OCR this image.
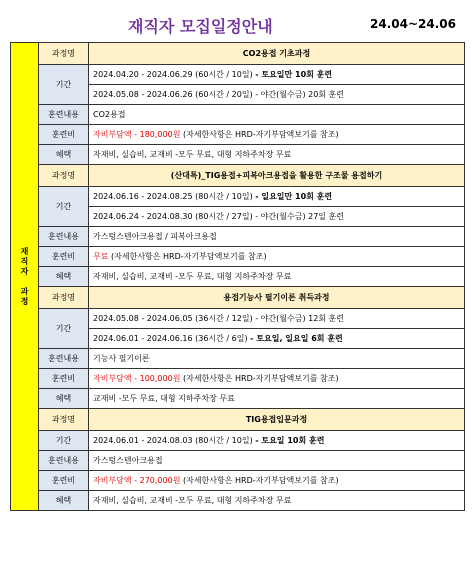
재직자 모집일정안내	24.04~24.06
재
직
자

과
정	과정명	CO2용접 기초과정
	기간	2024.04.20 - 2024.06.29 (60시간 / 10일) - 토요일만 10회 훈련
		2024.05.08 - 2024.06.26 (60시간 / 20일) - 야간(월수금) 20회 훈련
	훈련내용	CO2용접
	훈련비	자비부담액 - 180,000원 (자세한사항은 HRD-자기부담액보기를 참조)
	혜택	자재비, 실습비, 교재비 -모두 무료, 대형 지하주차장 무료
	과정명	(산대특)_TIG용접+피복아크용접을 활용한 구조물 용접하기
	기간	2024.06.16 - 2024.08.25 (80시간 / 10일) - 일요일만 10회 훈련
		2024.06.24 - 2024.08.30 (80시간 / 27일) - 야간(월수금) 27일 훈련
	훈련내용	가스텅스텐아크용접 / 피복아크용접
	훈련비	무료 (자세한사항은 HRD-자기부담액보기를 참조)
	혜택	자재비, 실습비, 교재비 -모두 무료, 대형 지하주차장 무료
	과정명	용접기능사 필기이론 취득과정
	기간	2024.05.08 - 2024.06.05 (36시간 / 12일) - 야간(월수금) 12회 훈련
		2024.06.01 - 2024.06.16 (36시간 / 6일) - 토요일, 일요일 6회 훈련
	훈련내용	기능사 필기이론
	훈련비	자비부담액 - 100,000원 (자세한사항은 HRD-자기부담액보기를 참조)
	혜택	교재비 -모두 무료, 대형 지하주차장 무료
	과정명	TIG용접입문과정
	기간	2024.06.01 - 2024.08.03 (80시간 / 10일) - 토요일 10회 훈련
	훈련내용	가스텅스텐아크용접
	훈련비	자비부담액 - 270,000원 (자세한사항은 HRD-자기부담액보기를 참조)
	혜택	자재비, 실습비, 교재비 -모두 무료, 대형 지하주차장 무료
